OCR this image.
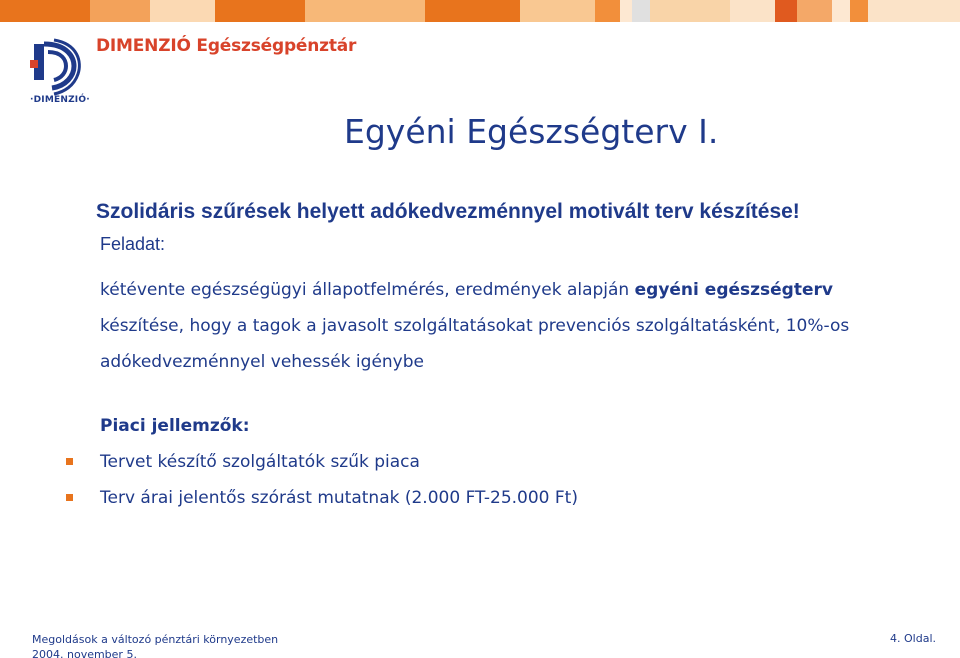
·DIMENZIÓ·
DIMENZIÓ Egészségpénztár
Egyéni Egészségterv I.
Szolidáris szűrések helyett adókedvezménnyel motivált terv készítése!
Feladat:
kétévente egészségügyi állapotfelmérés, eredmények alapján egyéni egészségterv
készítése, hogy a tagok a javasolt szolgáltatásokat prevenciós szolgáltatásként, 10%-os
adókedvezménnyel vehessék igénybe
Piaci jellemzők:
Tervet készítő szolgáltatók szűk piaca
Terv árai jelentős szórást mutatnak (2.000 FT-25.000 Ft)
Megoldások a változó pénztári környezetben
2004. november 5.
4. Oldal.
